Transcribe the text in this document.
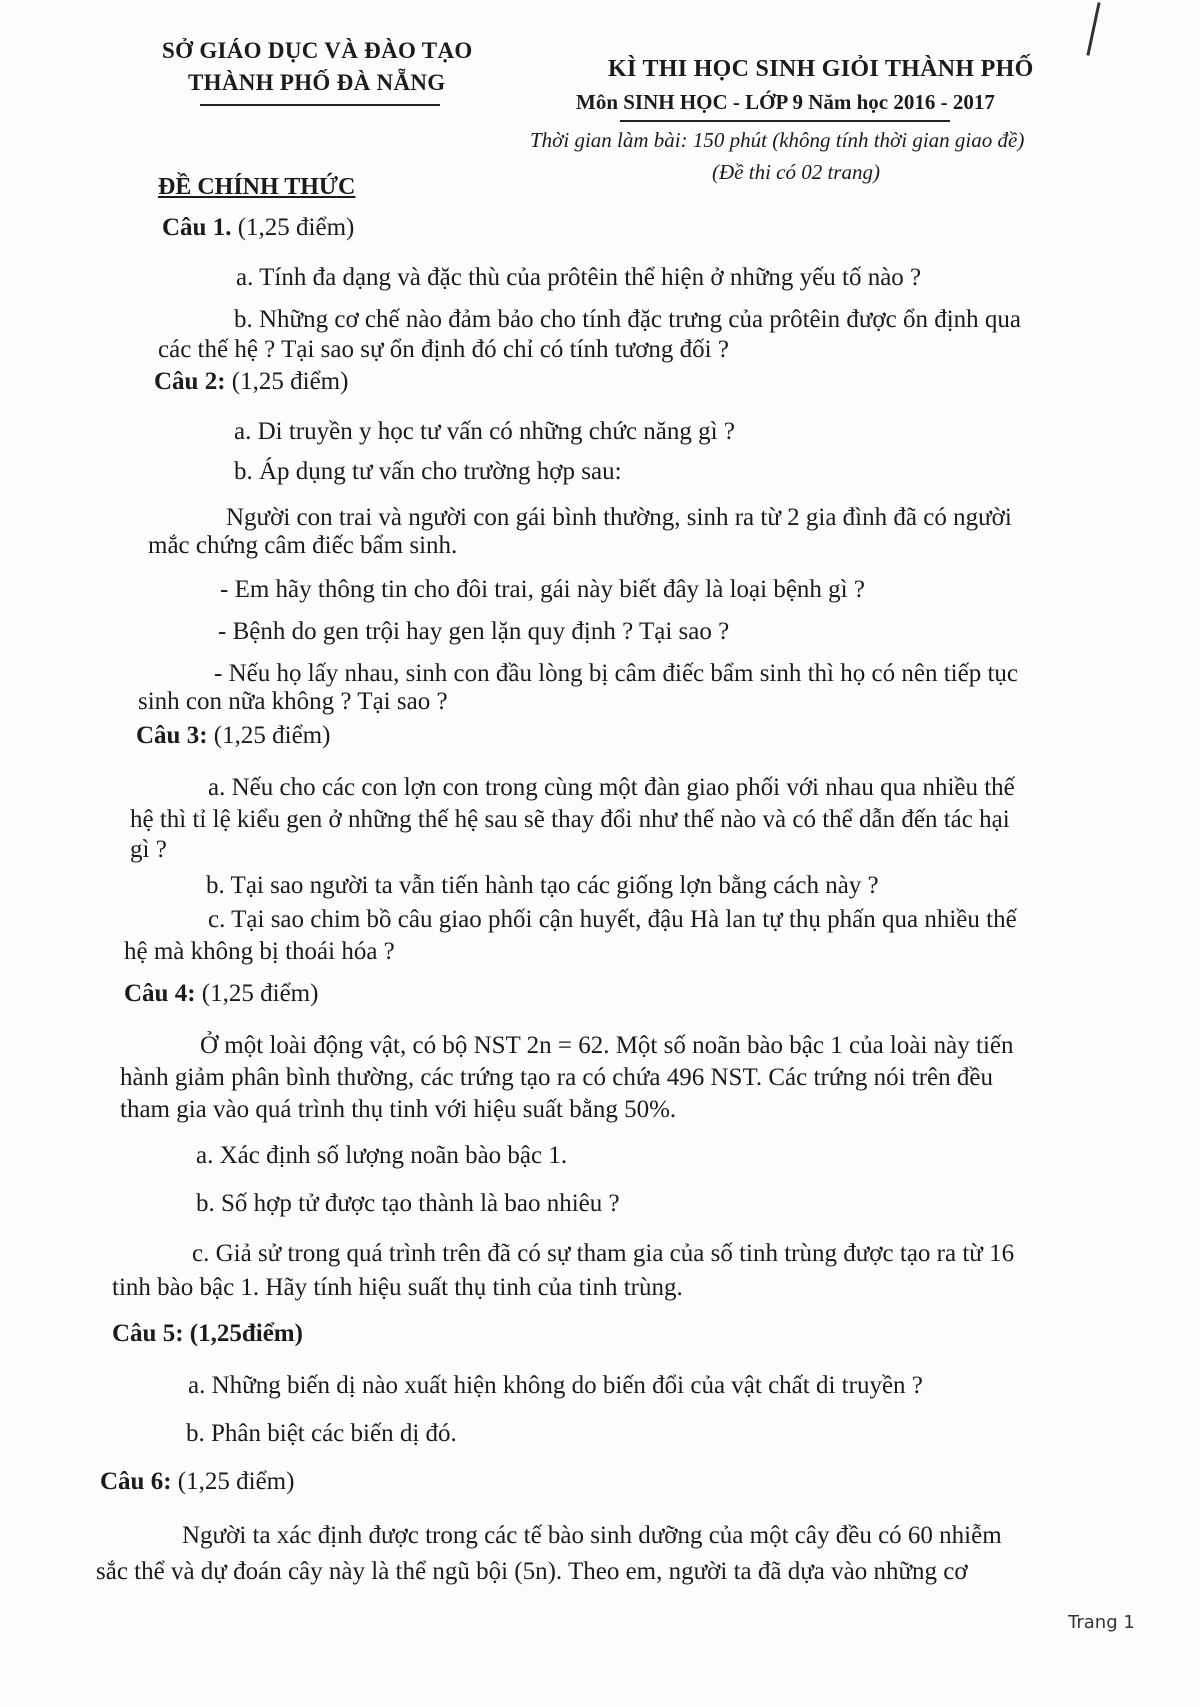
SỞ GIÁO DỤC VÀ ĐÀO TẠO
THÀNH PHỐ ĐÀ NẴNG
KÌ THI HỌC SINH GIỎI THÀNH PHỐ
Môn SINH HỌC - LỚP 9 Năm học 2016 - 2017
Thời gian làm bài: 150 phút (không tính thời gian giao đề)
(Đề thi có 02 trang)
ĐỀ CHÍNH THỨC
Câu 1. (1,25 điểm)
a. Tính đa dạng và đặc thù của prôtêin thể hiện ở những yếu tố nào ?
b. Những cơ chế nào đảm bảo cho tính đặc trưng của prôtêin được ổn định qua
các thế hệ ? Tại sao sự ổn định đó chỉ có tính tương đối ?
Câu 2: (1,25 điểm)
a. Di truyền y học tư vấn có những chức năng gì ?
b. Áp dụng tư vấn cho trường hợp sau:
Người con trai và người con gái bình thường, sinh ra từ 2 gia đình đã có người
mắc chứng câm điếc bẩm sinh.
- Em hãy thông tin cho đôi trai, gái này biết đây là loại bệnh gì ?
- Bệnh do gen trội hay gen lặn quy định ? Tại sao ?
- Nếu họ lấy nhau, sinh con đầu lòng bị câm điếc bẩm sinh thì họ có nên tiếp tục
sinh con nữa không ? Tại sao ?
Câu 3: (1,25 điểm)
a. Nếu cho các con lợn con trong cùng một đàn giao phối với nhau qua nhiều thế
hệ thì tỉ lệ kiểu gen ở những thế hệ sau sẽ thay đổi như thế nào và có thể dẫn đến tác hại
gì ?
b. Tại sao người ta vẫn tiến hành tạo các giống lợn bằng cách này ?
c. Tại sao chim bồ câu giao phối cận huyết, đậu Hà lan tự thụ phấn qua nhiều thế
hệ mà không bị thoái hóa ?
Câu 4: (1,25 điểm)
Ở một loài động vật, có bộ NST 2n = 62. Một số noãn bào bậc 1 của loài này tiến
hành giảm phân bình thường, các trứng tạo ra có chứa 496 NST. Các trứng nói trên đều
tham gia vào quá trình thụ tinh với hiệu suất bằng 50%.
a. Xác định số lượng noãn bào bậc 1.
b. Số hợp tử được tạo thành là bao nhiêu ?
c. Giả sử trong quá trình trên đã có sự tham gia của số tinh trùng được tạo ra từ 16
tinh bào bậc 1. Hãy tính hiệu suất thụ tinh của tinh trùng.
Câu 5: (1,25điểm)
a. Những biến dị nào xuất hiện không do biến đổi của vật chất di truyền ?
b. Phân biệt các biến dị đó.
Câu 6: (1,25 điểm)
Người ta xác định được trong các tế bào sinh dưỡng của một cây đều có 60 nhiễm
sắc thể và dự đoán cây này là thể ngũ bội (5n). Theo em, người ta đã dựa vào những cơ
Trang 1
